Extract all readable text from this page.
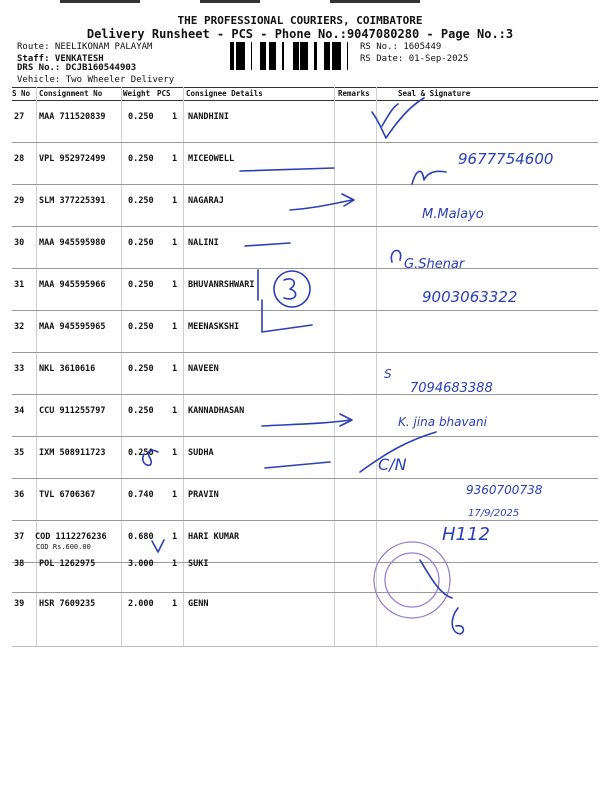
THE PROFESSIONAL COURIERS, COIMBATORE
Delivery Runsheet - PCS - Phone No.:9047080280 - Page No.:3
Route: NEELIKONAM PALAYAM
Staff: VENKATESH
DRS No.: DCJB160544903
Vehicle: Two Wheeler Delivery
RS No.: 1605449
RS Date: 01-Sep-2025
S No Consignment No	Weight PCS Consignee Details	Remarks	Seal & Signature
27 MAA 711520839	0.250 1 NANDHINI
28 VPL 952972499	0.250 1 MICEOWELL
29 SLM 377225391	0.250 1 NAGARAJ
30 MAA 945595980	0.250 1 NALINI
31 MAA 945595966	0.250 1 BHUVANRSHWARI
32 MAA 945595965	0.250 1 MEENASKSHI
33 NKL 3610616	0.250 1 NAVEEN
34 CCU 911255797	0.250 1 KANNADHASAN
35 IXM 508911723	0.250 1 SUDHA
36 TVL 6706367	0.740 1 PRAVIN
37 COD 1112276236	0.680 1 HARI KUMAR
38 POL 1262975	3.000 1 SUKI
39 HSR 7609235	2.000 1 GENN
COD Rs.600.00
9677754600
M.Malayo
G.Shenar
9003063322
S
7094683388
K. jina bhavani
C/N
9360700738
17/9/2025
H112
